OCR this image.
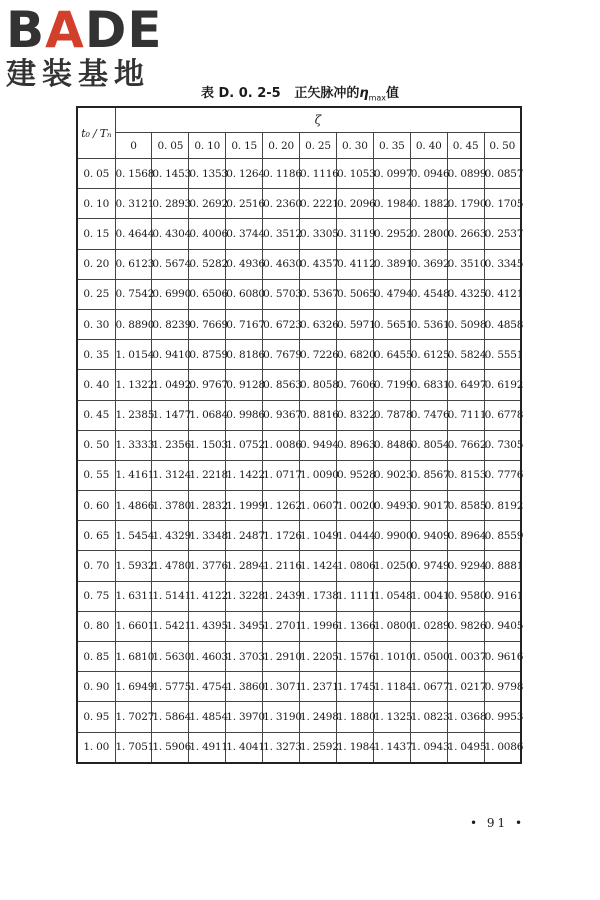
BADE
建装基地
表 D. 0. 2-5 正矢脉冲的$\eta_{max}$值
t₀ / Tₙ	ζ										
	0	0. 05	0. 10	0. 15	0. 20	0. 25	0. 30	0. 35	0. 40	0. 45	0. 50
0. 05	0. 1568	0. 1453	0. 1353	0. 1264	0. 1186	0. 1116	0. 1053	0. 0997	0. 0946	0. 0899	0. 0857
0. 10	0. 3121	0. 2893	0. 2692	0. 2516	0. 2360	0. 2221	0. 2096	0. 1984	0. 1882	0. 1790	0. 1705
0. 15	0. 4644	0. 4304	0. 4006	0. 3744	0. 3512	0. 3305	0. 3119	0. 2952	0. 2800	0. 2663	0. 2537
0. 20	0. 6123	0. 5674	0. 5282	0. 4936	0. 4630	0. 4357	0. 4112	0. 3891	0. 3692	0. 3510	0. 3345
0. 25	0. 7542	0. 6990	0. 6506	0. 6080	0. 5703	0. 5367	0. 5065	0. 4794	0. 4548	0. 4325	0. 4121
0. 30	0. 8890	0. 8239	0. 7669	0. 7167	0. 6723	0. 6326	0. 5971	0. 5651	0. 5361	0. 5098	0. 4858
0. 35	1. 0154	0. 9410	0. 8759	0. 8186	0. 7679	0. 7226	0. 6820	0. 6455	0. 6125	0. 5824	0. 5551
0. 40	1. 1322	1. 0492	0. 9767	0. 9128	0. 8563	0. 8058	0. 7606	0. 7199	0. 6831	0. 6497	0. 6192
0. 45	1. 2385	1. 1477	1. 0684	0. 9986	0. 9367	0. 8816	0. 8322	0. 7878	0. 7476	0. 7111	0. 6778
0. 50	1. 3333	1. 2356	1. 1503	1. 0752	1. 0086	0. 9494	0. 8963	0. 8486	0. 8054	0. 7662	0. 7305
0. 55	1. 4161	1. 3124	1. 2218	1. 1422	1. 0717	1. 0090	0. 9528	0. 9023	0. 8567	0. 8153	0. 7776
0. 60	1. 4866	1. 3780	1. 2832	1. 1999	1. 1262	1. 0607	1. 0020	0. 9493	0. 9017	0. 8585	0. 8192
0. 65	1. 5454	1. 4329	1. 3348	1. 2487	1. 1726	1. 1049	1. 0444	0. 9900	0. 9409	0. 8964	0. 8559
0. 70	1. 5932	1. 4780	1. 3776	1. 2894	1. 2116	1. 1424	1. 0806	1. 0250	0. 9749	0. 9294	0. 8881
0. 75	1. 6311	1. 5141	1. 4122	1. 3228	1. 2439	1. 1738	1. 1111	1. 0548	1. 0041	0. 9580	0. 9161
0. 80	1. 6601	1. 5421	1. 4395	1. 3495	1. 2701	1. 1996	1. 1366	1. 0800	1. 0289	0. 9826	0. 9405
0. 85	1. 6810	1. 5630	1. 4603	1. 3703	1. 2910	1. 2205	1. 1576	1. 1010	1. 0500	1. 0037	0. 9616
0. 90	1. 6949	1. 5775	1. 4754	1. 3860	1. 3071	1. 2371	1. 1745	1. 1184	1. 0677	1. 0217	0. 9798
0. 95	1. 7027	1. 5864	1. 4854	1. 3970	1. 3190	1. 2498	1. 1880	1. 1325	1. 0823	1. 0368	0. 9953
1. 00	1. 7051	1. 5906	1. 4911	1. 4041	1. 3273	1. 2592	1. 1984	1. 1437	1. 0943	1. 0495	1. 0086
• 91 •
